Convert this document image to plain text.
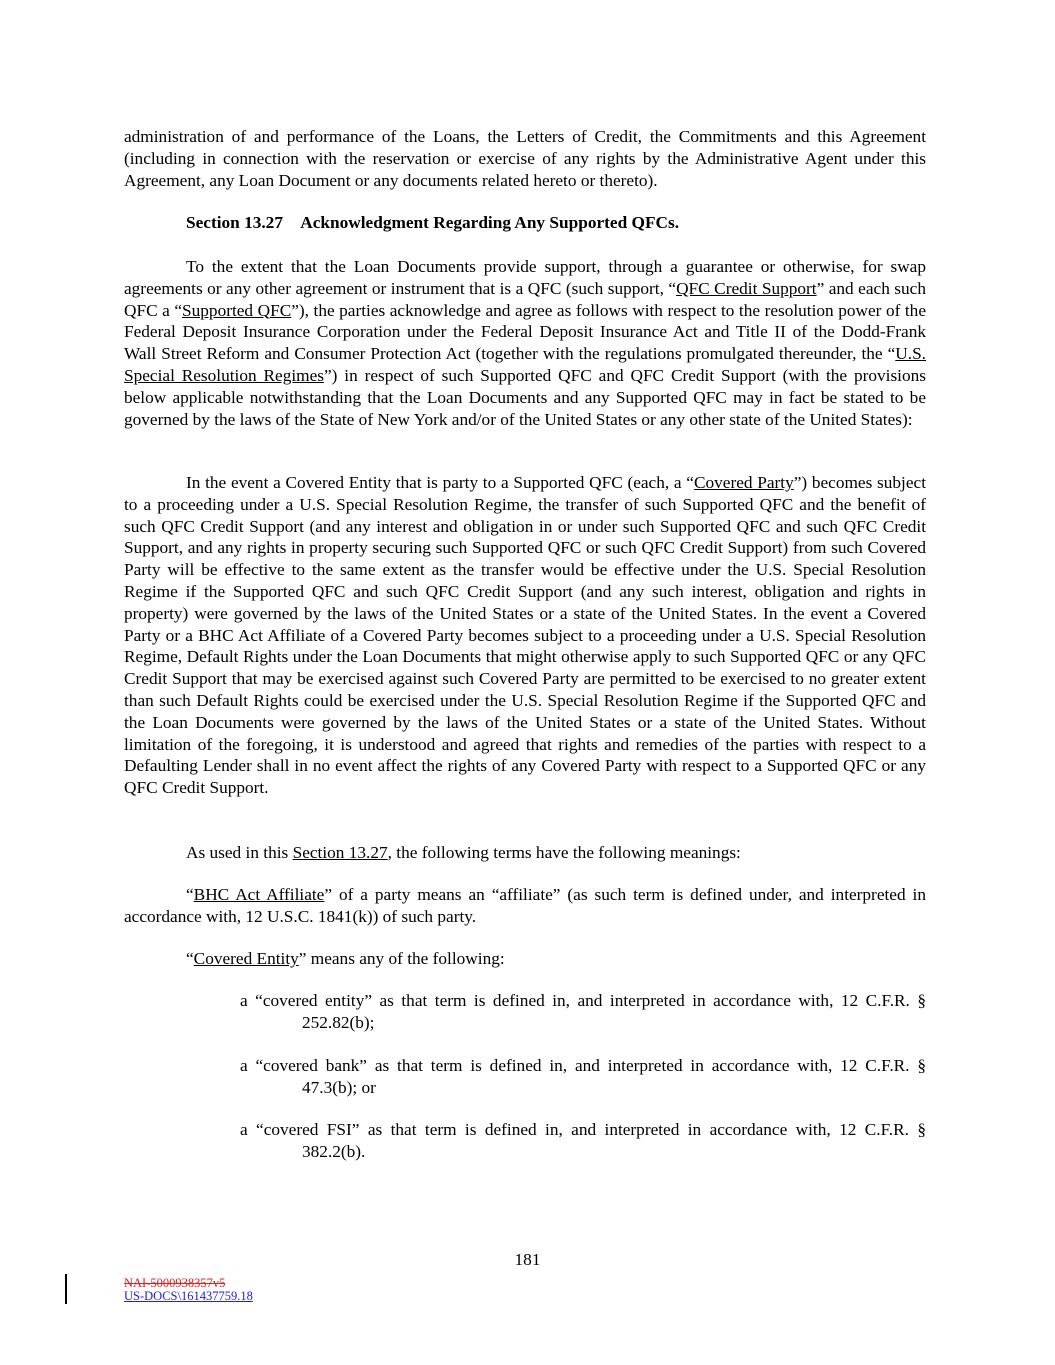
administration of and performance of the Loans, the Letters of Credit, the Commitments and this Agreement (including in connection with the reservation or exercise of any rights by the Administrative Agent under this Agreement, any Loan Document or any documents related hereto or thereto).
Section 13.27 Acknowledgment Regarding Any Supported QFCs.
To the extent that the Loan Documents provide support, through a guarantee or otherwise, for swap agreements or any other agreement or instrument that is a QFC (such support, “QFC Credit Support” and each such QFC a “Supported QFC”), the parties acknowledge and agree as follows with respect to the resolution power of the Federal Deposit Insurance Corporation under the Federal Deposit Insurance Act and Title II of the Dodd-Frank Wall Street Reform and Consumer Protection Act (together with the regulations promulgated thereunder, the “U.S. Special Resolution Regimes”) in respect of such Supported QFC and QFC Credit Support (with the provisions below applicable notwithstanding that the Loan Documents and any Supported QFC may in fact be stated to be governed by the laws of the State of New York and/or of the United States or any other state of the United States):
In the event a Covered Entity that is party to a Supported QFC (each, a “Covered Party”) becomes subject to a proceeding under a U.S. Special Resolution Regime, the transfer of such Supported QFC and the benefit of such QFC Credit Support (and any interest and obligation in or under such Supported QFC and such QFC Credit Support, and any rights in property securing such Supported QFC or such QFC Credit Support) from such Covered Party will be effective to the same extent as the transfer would be effective under the U.S. Special Resolution Regime if the Supported QFC and such QFC Credit Support (and any such interest, obligation and rights in property) were governed by the laws of the United States or a state of the United States. In the event a Covered Party or a BHC Act Affiliate of a Covered Party becomes subject to a proceeding under a U.S. Special Resolution Regime, Default Rights under the Loan Documents that might otherwise apply to such Supported QFC or any QFC Credit Support that may be exercised against such Covered Party are permitted to be exercised to no greater extent than such Default Rights could be exercised under the U.S. Special Resolution Regime if the Supported QFC and the Loan Documents were governed by the laws of the United States or a state of the United States. Without limitation of the foregoing, it is understood and agreed that rights and remedies of the parties with respect to a Defaulting Lender shall in no event affect the rights of any Covered Party with respect to a Supported QFC or any QFC Credit Support.
As used in this Section 13.27, the following terms have the following meanings:
“BHC Act Affiliate” of a party means an “affiliate” (as such term is defined under, and interpreted in accordance with, 12 U.S.C. 1841(k)) of such party.
“Covered Entity” means any of the following:
a “covered entity” as that term is defined in, and interpreted in accordance with, 12 C.F.R. § 252.82(b);
a “covered bank” as that term is defined in, and interpreted in accordance with, 12 C.F.R. § 47.3(b); or
a “covered FSI” as that term is defined in, and interpreted in accordance with, 12 C.F.R. § 382.2(b).
181
NAI-5000938357v5
US-DOCS\161437759.18
